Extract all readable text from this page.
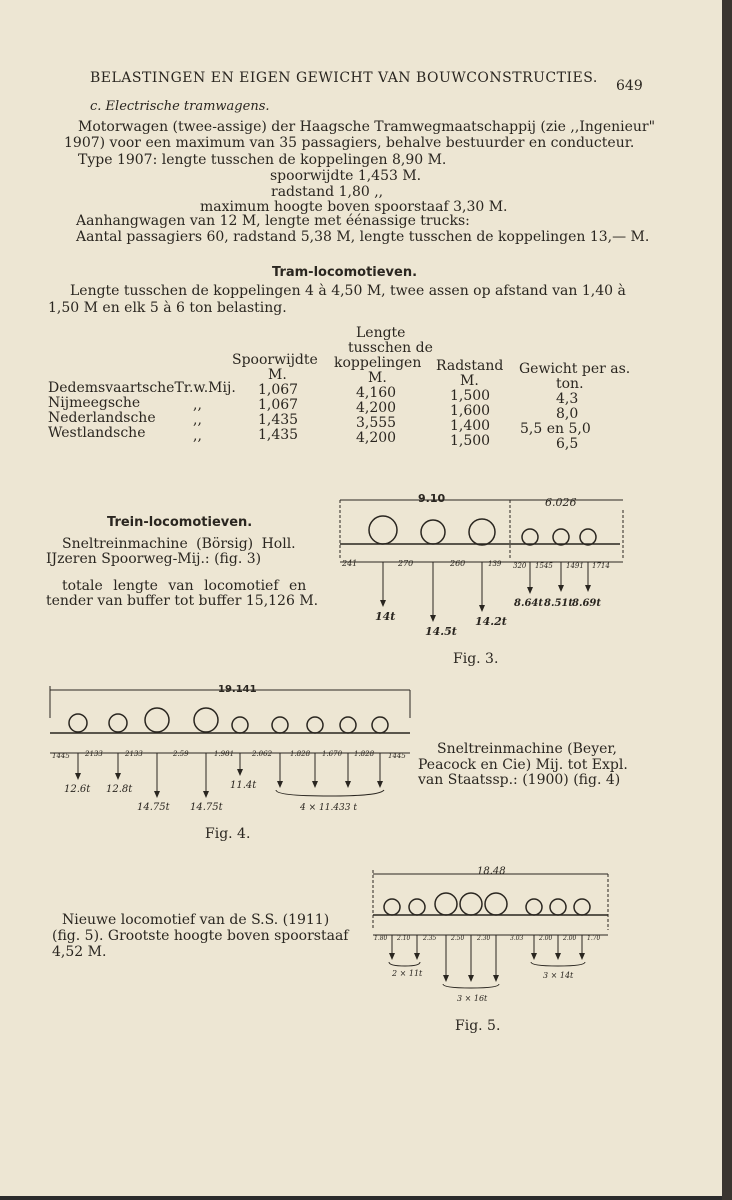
BELASTINGEN EN EIGEN GEWICHT VAN BOUWCONSTRUCTIES. 649
c. Electrische tramwagens.
Motorwagen (twee-assige) der Haagsche Tramwegmaatschappij (zie ,,Ingenieur"
1907) voor een maximum van 35 passagiers, behalve bestuurder en conducteur.
Type 1907: lengte tusschen de koppelingen 8,90 M.
spoorwijdte 1,453 M.
radstand 1,80 ,,
maximum hoogte boven spoorstaaf 3,30 M.
Aanhangwagen van 12 M, lengte met éénassige trucks:
Aantal passagiers 60, radstand 5,38 M, lengte tusschen de koppelingen 13,— M.
Tram-locomotieven.
Lengte tusschen de koppelingen 4 à 4,50 M, twee assen op afstand van 1,40 à
1,50 M en elk 5 à 6 ton belasting.
Spoorwijdte
M.
Lengte
tusschen de
koppelingen
M.
Radstand
M.
Gewicht per as.
ton.
DedemsvaartscheTr.w.Mij. 1,067	4,160	1,500	4,3
Nijmeegsche	,,	1,067	4,200	1,600	8,0
Nederlandsche	,,	1,435	3,555	1,400 5,5 en 5,0
Westlandsche	,,	1,435	4,200	1,500	6,5
Trein-locomotieven.
Sneltreinmachine (Börsig) Holl.
IJzeren Spoorweg-Mij.: (fig. 3)
totale lengte van locomotief en
tender van buffer tot buffer 15,126 M.
9.10	6.026
241	270	260	139 320 1545 1491 1714
14t
14.5t
14.2t
8.64t 8.51t 8.69t
Fig. 3.
19.141
1445 2133	2133	2.59	1.981	2.062	1.828 1.670 1.828 1445
12.6t 12.8t
14.75t 14.75t
11.4t
4 × 11.433 t
Fig. 4.
Sneltreinmachine (Beyer,
Peacock en Cie) Mij. tot Expl.
van Staatssp.: (1900) (fig. 4)
Nieuwe locomotief van de S.S. (1911)
(fig. 5). Grootste hoogte boven spoorstaaf
4,52 M.
18.48
1.80 2.10 2.35 2.50 2.30	3.03	2.00 2.00 1.70
2 × 11t
3 × 16t
3 × 14t
Fig. 5.
